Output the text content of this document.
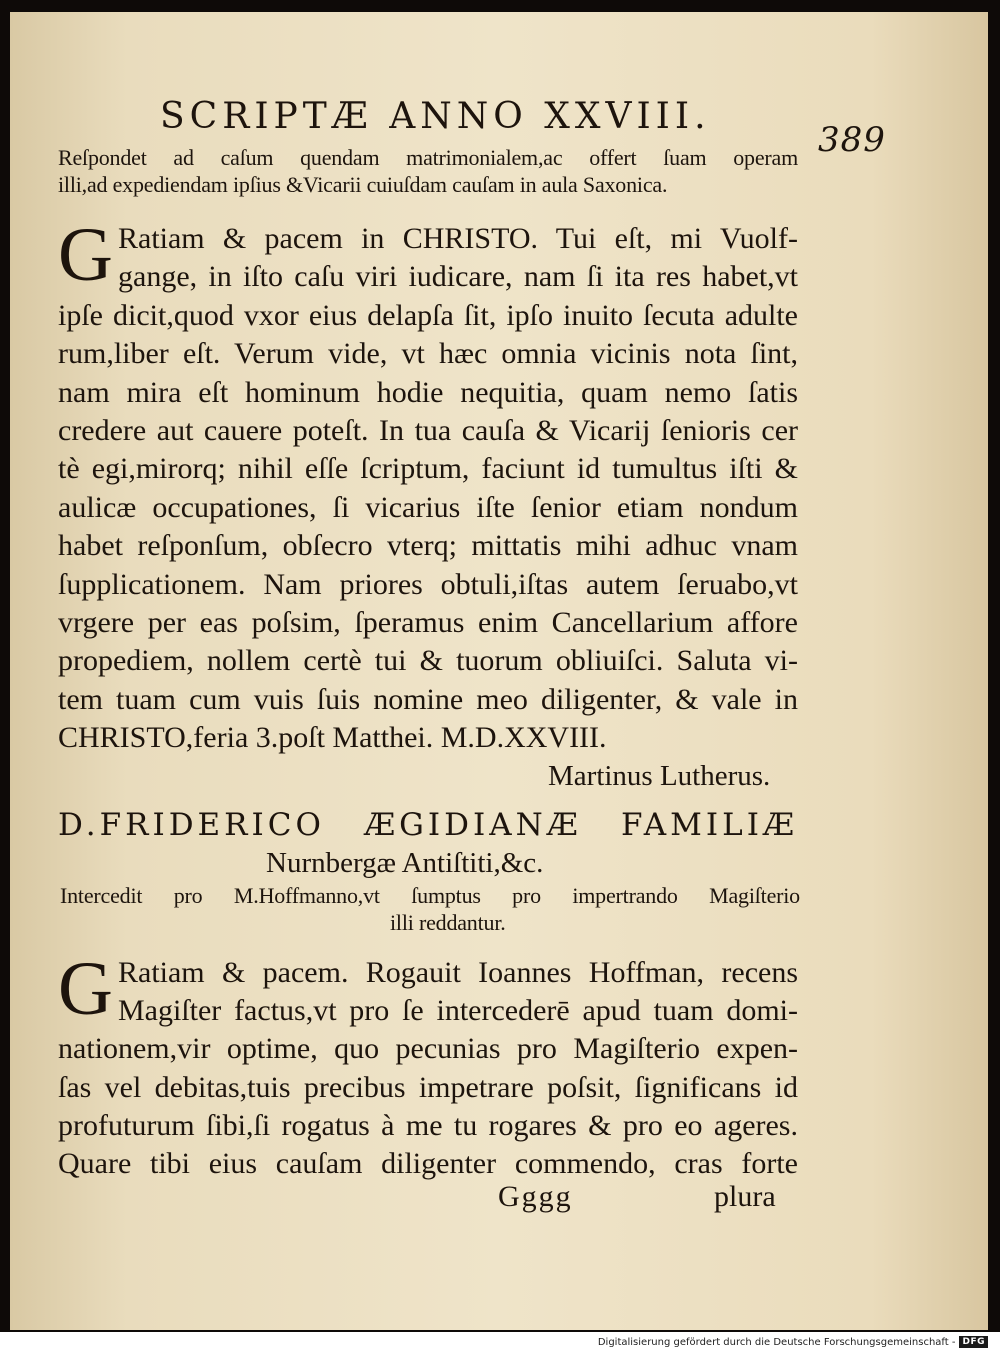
SCRIPTÆ ANNO XXVIII.
389
Reſpondet ad caſum quendam matrimonialem,ac offert ſuam operam
illi,ad expediendam ipſius &Vicarii cuiuſdam cauſam in aula Saxonica.
G Ratiam & pacem in CHRISTO. Tui eſt, mi Vuolf-
gange, in iſto caſu viri iudicare, nam ſi ita res habet,vt
ipſe dicit,quod vxor eius delapſa ſit, ipſo inuito ſecuta adulte
rum,liber eſt. Verum vide, vt hæc omnia vicinis nota ſint,
nam mira eſt hominum hodie nequitia, quam nemo ſatis
credere aut cauere poteſt. In tua cauſa & Vicarij ſenioris cer
tè egi,mirorq; nihil eſſe ſcriptum, faciunt id tumultus iſti &
aulicæ occupationes, ſi vicarius iſte ſenior etiam nondum
habet reſponſum, obſecro vterq; mittatis mihi adhuc vnam
ſupplicationem. Nam priores obtuli,iſtas autem ſeruabo,vt
vrgere per eas poſsim, ſperamus enim Cancellarium affore
propediem, nollem certè tui & tuorum obliuiſci. Saluta vi-
tem tuam cum vuis ſuis nomine meo diligenter, & vale in
CHRISTO,feria 3.poſt Matthei. M.D.XXVIII.
Martinus Lutherus.
D.FRIDERICO ÆGIDIANÆ FAMILIÆ
Nurnbergæ Antiſtiti,&c.
Intercedit pro M.Hoffmanno,vt ſumptus pro impertrando Magiſterio
illi reddantur.
G Ratiam & pacem. Rogauit Ioannes Hoffman, recens
Magiſter factus,vt pro ſe intercederē apud tuam domi-
nationem,vir optime, quo pecunias pro Magiſterio expen-
ſas vel debitas,tuis precibus impetrare poſsit, ſignificans id
profuturum ſibi,ſi rogatus à me tu rogares & pro eo ageres.
Quare tibi eius cauſam diligenter commendo, cras forte
Gggg	plura
Digitalisierung gefördert durch die Deutsche Forschungsgemeinschaft - DFG
